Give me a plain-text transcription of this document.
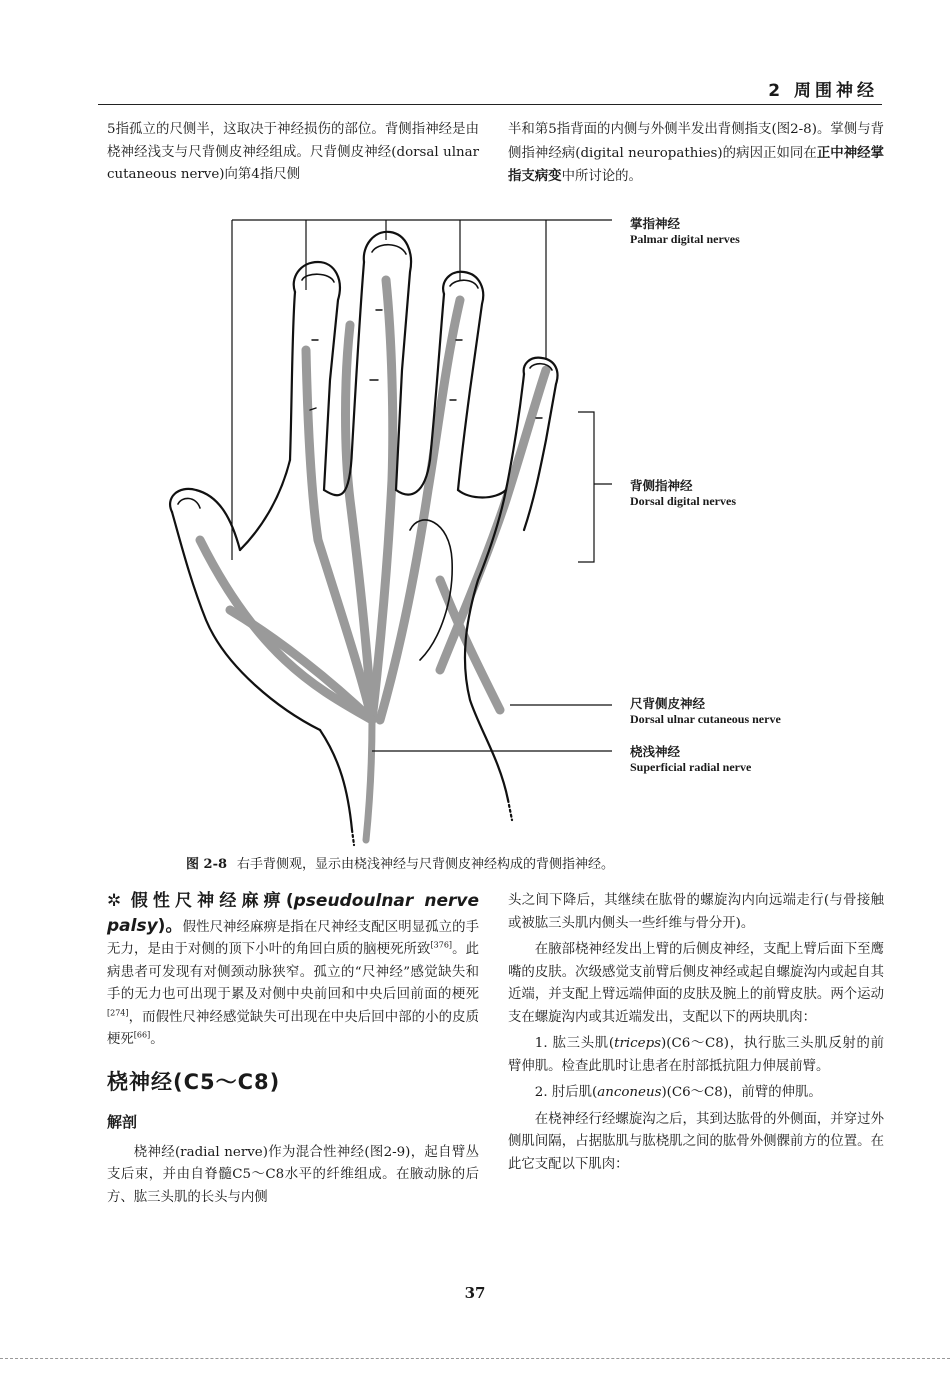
2 周围神经

5指孤立的尺侧半，这取决于神经损伤的部位。背侧指神经是由桡神经浅支与尺背侧皮神经组成。尺背侧皮神经(dorsal ulnar cutaneous nerve)向第4指尺侧

半和第5指背面的内侧与外侧半发出背侧指支(图2-8)。掌侧与背侧指神经病(digital neuropathies)的病因正如同在正中神经掌指支病变中所讨论的。

掌指神经
Palmar digital nerves
背侧指神经
Dorsal digital nerves
尺背侧皮神经
Dorsal ulnar cutaneous nerve
桡浅神经
Superficial radial nerve
图 2-8 右手背侧观，显示由桡浅神经与尺背侧皮神经构成的背侧指神经。

✲ 假性尺神经麻痹(pseudoulnar nerve palsy)。假性尺神经麻痹是指在尺神经支配区明显孤立的手无力，是由于对侧的顶下小叶的角回白质的脑梗死所致[376]。此病患者可发现有对侧颈动脉狭窄。孤立的“尺神经”感觉缺失和手的无力也可出现于累及对侧中央前回和中央后回前面的梗死[274]，而假性尺神经感觉缺失可出现在中央后回中部的小的皮质梗死[66]。

桡神经(C5～C8)
解剖

桡神经(radial nerve)作为混合性神经(图2-9)，起自臂丛支后束，并由自脊髓C5～C8水平的纤维组成。在腋动脉的后方、肱三头肌的长头与内侧

头之间下降后，其继续在肱骨的螺旋沟内向远端走行(与骨接触或被肱三头肌内侧头一些纤维与骨分开)。

在腋部桡神经发出上臂的后侧皮神经，支配上臂后面下至鹰嘴的皮肤。次级感觉支前臂后侧皮神经或起自螺旋沟内或起自其近端，并支配上臂远端伸面的皮肤及腕上的前臂皮肤。两个运动支在螺旋沟内或其近端发出，支配以下的两块肌肉：

1. 肱三头肌(triceps)(C6～C8)，执行肱三头肌反射的前臂伸肌。检查此肌时让患者在肘部抵抗阻力伸展前臂。

2. 肘后肌(anconeus)(C6～C8)，前臂的伸肌。

在桡神经行经螺旋沟之后，其到达肱骨的外侧面，并穿过外侧肌间隔，占据肱肌与肱桡肌之间的肱骨外侧髁前方的位置。在此它支配以下肌肉：

37
